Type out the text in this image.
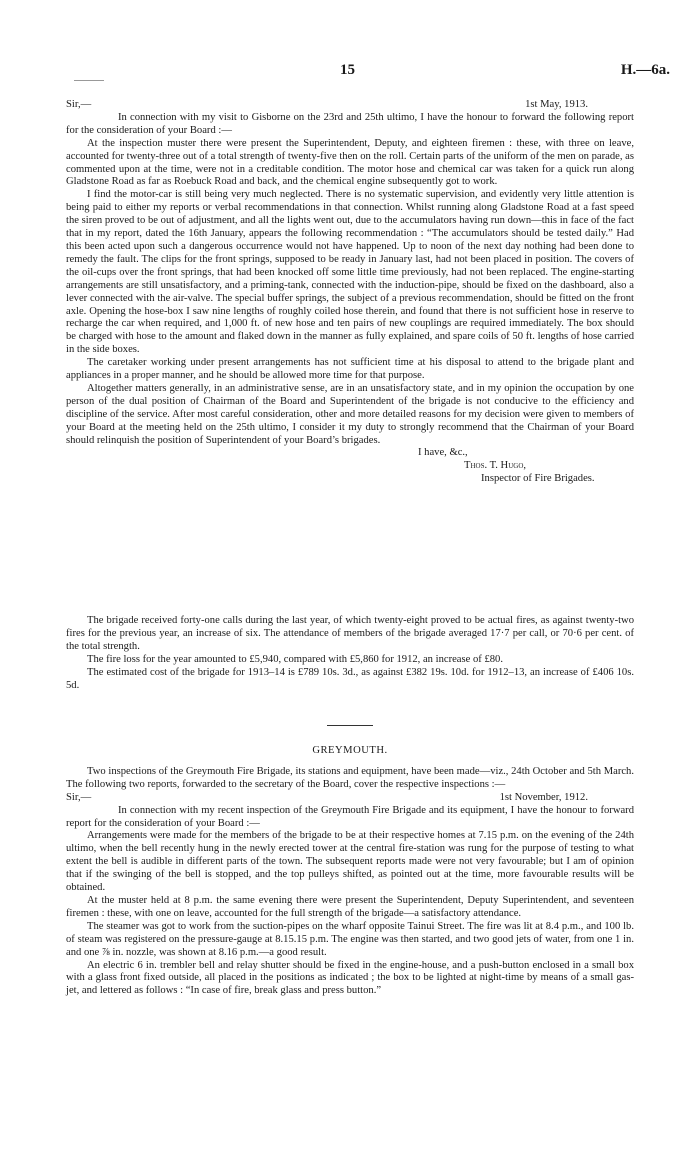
15	H.—6a.
Sir,—	1st May, 1913.

In connection with my visit to Gisborne on the 23rd and 25th ultimo, I have the honour to forward the following report for the consideration of your Board :—

At the inspection muster there were present the Superintendent, Deputy, and eighteen firemen : these, with three on leave, accounted for twenty-three out of a total strength of twenty-five then on the roll. Certain parts of the uniform of the men on parade, as commented upon at the time, were not in a creditable condition. The motor hose and chemical car was taken for a quick run along Gladstone Road as far as Roebuck Road and back, and the chemical engine subsequently got to work.

I find the motor-car is still being very much neglected. There is no systematic supervision, and evidently very little attention is being paid to either my reports or verbal recommendations in that connection. Whilst running along Gladstone Road at a fast speed the siren proved to be out of adjustment, and all the lights went out, due to the accumulators having run down—this in face of the fact that in my report, dated the 16th January, appears the following recommendation : “The accumulators should be tested daily.” Had this been acted upon such a dangerous occurrence would not have happened. Up to noon of the next day nothing had been done to remedy the fault. The clips for the front springs, supposed to be ready in January last, had not been placed in position. The covers of the oil-cups over the front springs, that had been knocked off some little time previously, had not been replaced. The engine-starting arrangements are still unsatisfactory, and a priming-tank, connected with the induction-pipe, should be fixed on the dashboard, also a lever connected with the air-valve. The special buffer springs, the subject of a previous recommendation, should be fitted on the front axle. Opening the hose-box I saw nine lengths of roughly coiled hose therein, and found that there is not sufficient hose in reserve to recharge the car when required, and 1,000 ft. of new hose and ten pairs of new couplings are required immediately. The box should be charged with hose to the amount and flaked down in the manner as fully explained, and spare coils of 50 ft. lengths of hose carried in the side boxes.

The caretaker working under present arrangements has not sufficient time at his disposal to attend to the brigade plant and appliances in a proper manner, and he should be allowed more time for that purpose.

Altogether matters generally, in an administrative sense, are in an unsatisfactory state, and in my opinion the occupation by one person of the dual position of Chairman of the Board and Superintendent of the brigade is not conducive to the efficiency and discipline of the service. After most careful consideration, other and more detailed reasons for my decision were given to members of your Board at the meeting held on the 25th ultimo, I consider it my duty to strongly recommend that the Chairman of your Board should relinquish the position of Superintendent of your Board’s brigades.

I have, &c.,

Thos. T. Hugo,

Inspector of Fire Brigades.

The brigade received forty-one calls during the last year, of which twenty-eight proved to be actual fires, as against twenty-two fires for the previous year, an increase of six. The attendance of members of the brigade averaged 17·7 per call, or 70·6 per cent. of the total strength.

The fire loss for the year amounted to £5,940, compared with £5,860 for 1912, an increase of £80.

The estimated cost of the brigade for 1913–14 is £789 10s. 3d., as against £382 19s. 10d. for 1912–13, an increase of £406 10s. 5d.

GREYMOUTH.

Two inspections of the Greymouth Fire Brigade, its stations and equipment, have been made—viz., 24th October and 5th March. The following two reports, forwarded to the secretary of the Board, cover the respective inspections :—

Sir,—	1st November, 1912.

In connection with my recent inspection of the Greymouth Fire Brigade and its equipment, I have the honour to forward report for the consideration of your Board :—

Arrangements were made for the members of the brigade to be at their respective homes at 7.15 p.m. on the evening of the 24th ultimo, when the bell recently hung in the newly erected tower at the central fire-station was rung for the purpose of testing to what extent the bell is audible in different parts of the town. The subsequent reports made were not very favourable; but I am of opinion that if the swinging of the bell is stopped, and the top pulleys shifted, as pointed out at the time, more favourable results will be obtained.

At the muster held at 8 p.m. the same evening there were present the Superintendent, Deputy Superintendent, and seventeen firemen : these, with one on leave, accounted for the full strength of the brigade—a satisfactory attendance.

The steamer was got to work from the suction-pipes on the wharf opposite Tainui Street. The fire was lit at 8.4 p.m., and 100 lb. of steam was registered on the pressure-gauge at 8.15.15 p.m. The engine was then started, and two good jets of water, from one 1 in. and one ⅞ in. nozzle, was shown at 8.16 p.m.—a good result.

An electric 6 in. trembler bell and relay shutter should be fixed in the engine-house, and a push-button enclosed in a small box with a glass front fixed outside, all placed in the positions as indicated ; the box to be lighted at night-time by means of a small gas-jet, and lettered as follows : “In case of fire, break glass and press button.”
